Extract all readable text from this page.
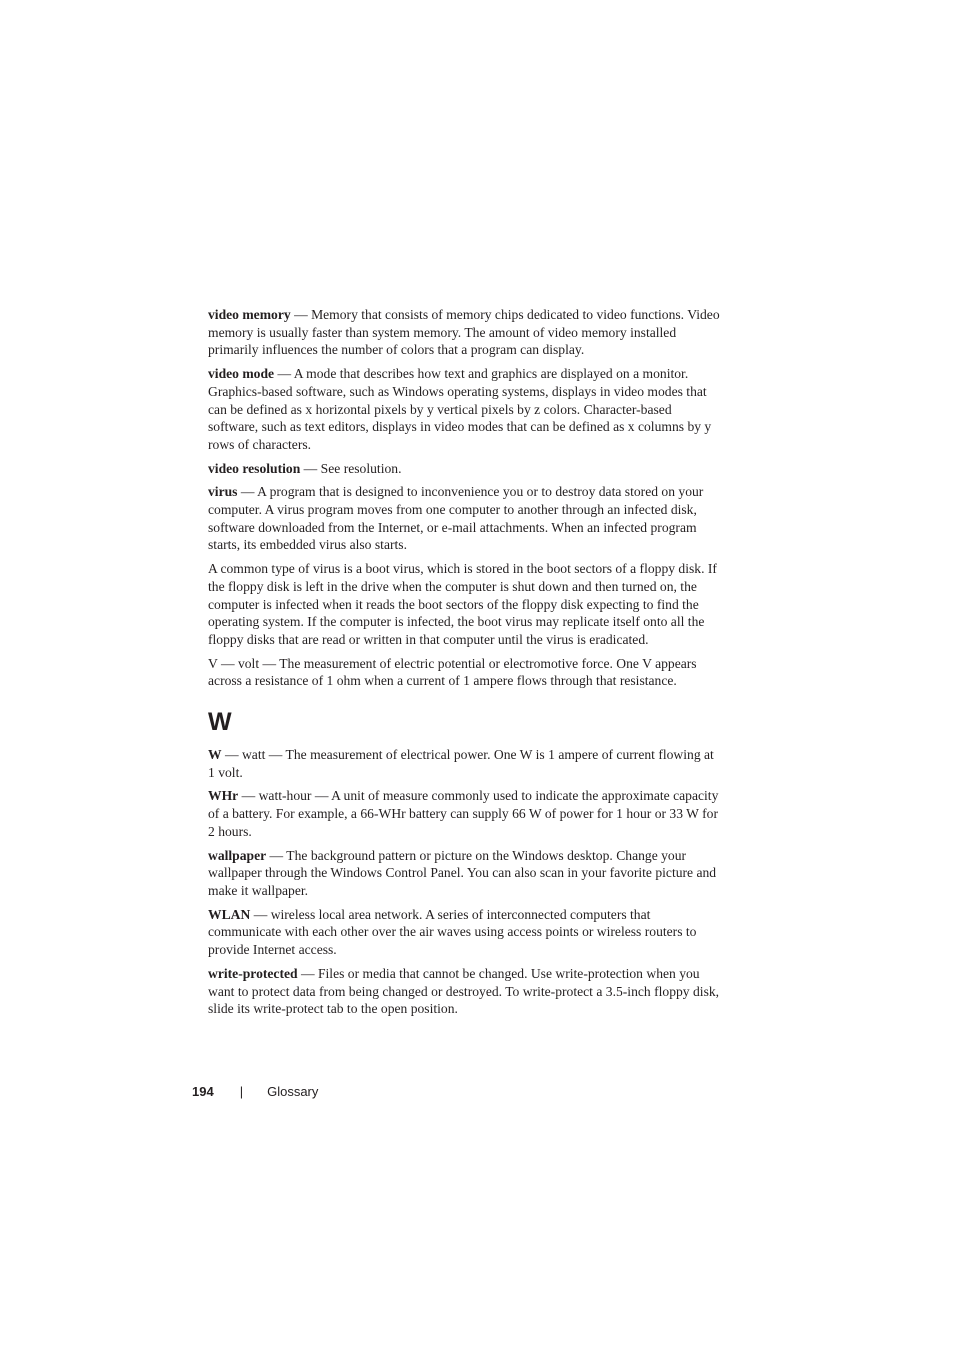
video memory — Memory that consists of memory chips dedicated to video functions. Video memory is usually faster than system memory. The amount of video memory installed primarily influences the number of colors that a program can display.

video mode — A mode that describes how text and graphics are displayed on a monitor. Graphics-based software, such as Windows operating systems, displays in video modes that can be defined as x horizontal pixels by y vertical pixels by z colors. Character-based software, such as text editors, displays in video modes that can be defined as x columns by y rows of characters.

video resolution — See resolution.

virus — A program that is designed to inconvenience you or to destroy data stored on your computer. A virus program moves from one computer to another through an infected disk, software downloaded from the Internet, or e-mail attachments. When an infected program starts, its embedded virus also starts.

A common type of virus is a boot virus, which is stored in the boot sectors of a floppy disk. If the floppy disk is left in the drive when the computer is shut down and then turned on, the computer is infected when it reads the boot sectors of the floppy disk expecting to find the operating system. If the computer is infected, the boot virus may replicate itself onto all the floppy disks that are read or written in that computer until the virus is eradicated.

V — volt — The measurement of electric potential or electromotive force. One V appears across a resistance of 1 ohm when a current of 1 ampere flows through that resistance.

W

W — watt — The measurement of electrical power. One W is 1 ampere of current flowing at 1 volt.

WHr — watt-hour — A unit of measure commonly used to indicate the approximate capacity of a battery. For example, a 66-WHr battery can supply 66 W of power for 1 hour or 33 W for 2 hours.

wallpaper — The background pattern or picture on the Windows desktop. Change your wallpaper through the Windows Control Panel. You can also scan in your favorite picture and make it wallpaper.

WLAN — wireless local area network. A series of interconnected computers that communicate with each other over the air waves using access points or wireless routers to provide Internet access.

write-protected — Files or media that cannot be changed. Use write-protection when you want to protect data from being changed or destroyed. To write-protect a 3.5-inch floppy disk, slide its write-protect tab to the open position.

194 | Glossary
